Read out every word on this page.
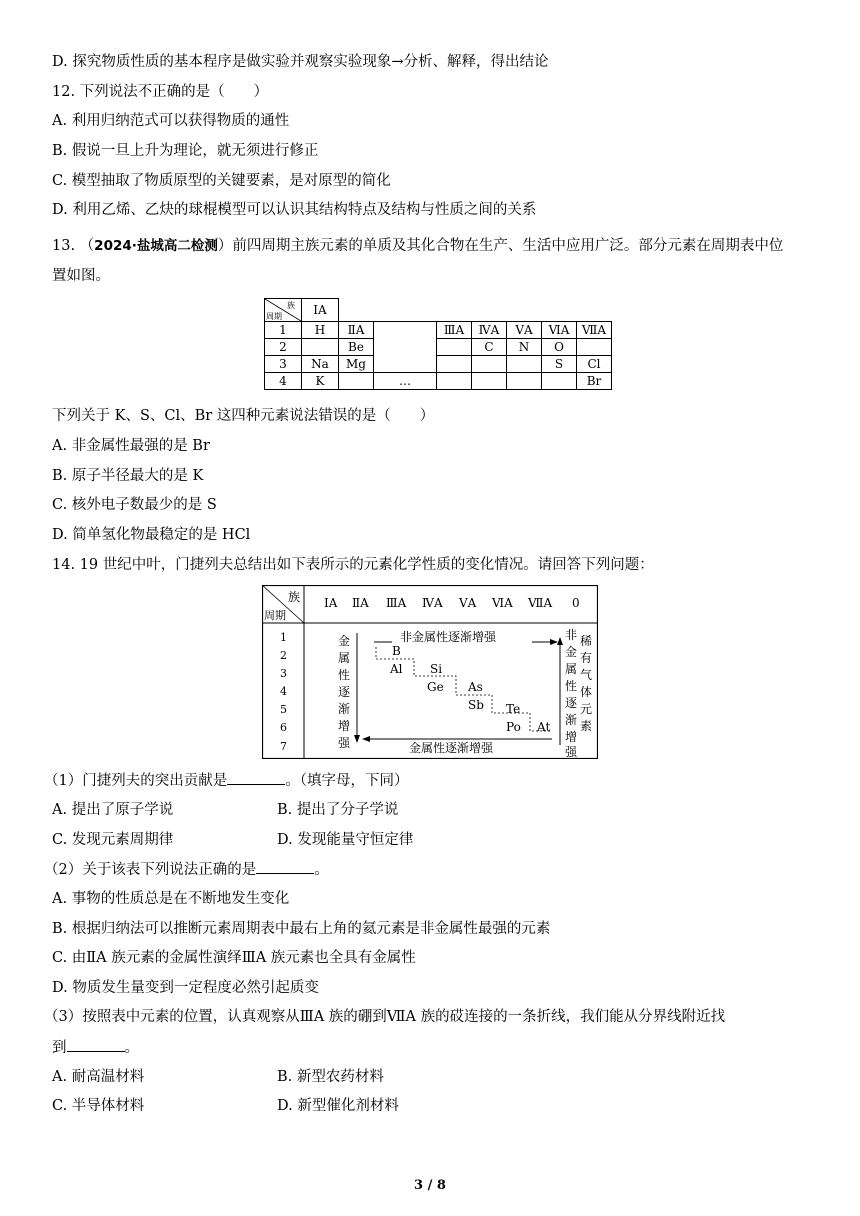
D. 探究物质性质的基本程序是做实验并观察实验现象→分析、解释，得出结论
12. 下列说法不正确的是（　　）
A. 利用归纳范式可以获得物质的通性
B. 假说一旦上升为理论，就无须进行修正
C. 模型抽取了物质原型的关键要素，是对原型的简化
D. 利用乙烯、乙炔的球棍模型可以认识其结构特点及结构与性质之间的关系
13. （2024·盐城高二检测）前四周期主族元素的单质及其化合物在生产、生活中应用广泛。部分元素在周期表中位
置如图。
族
周期	ⅠA							
1	H	ⅡA		ⅢA	ⅣA	ⅤA	ⅥA	ⅦA
2		Be			C	N	O	
3	Na	Mg					S	Cl
4	K		…					Br
下列关于 K、S、Cl、Br 这四种元素说法错误的是（　　）
A. 非金属性最强的是 Br
B. 原子半径最大的是 K
C. 核外电子数最少的是 S
D. 简单氢化物最稳定的是 HCl
14. 19 世纪中叶，门捷列夫总结出如下表所示的元素化学性质的变化情况。请回答下列问题：
族
周期
ⅠA ⅡA ⅢA ⅣA ⅤA ⅥA ⅦA 0
1
2
3
4
5
6
7
非金属性逐渐增强
金属性逐渐增强
金
属
性
逐
渐
增
强
非
金
属
性
逐
渐
增
强
稀
有
气
体
元
素
B
Al Si
Ge As
Sb Te
Po At
（1）门捷列夫的突出贡献是	。（填字母，下同）
A. 提出了原子学说	B. 提出了分子学说
C. 发现元素周期律	D. 发现能量守恒定律
（2）关于该表下列说法正确的是	。
A. 事物的性质总是在不断地发生变化
B. 根据归纳法可以推断元素周期表中最右上角的氦元素是非金属性最强的元素
C. 由ⅡA 族元素的金属性演绎ⅢA 族元素也全具有金属性
D. 物质发生量变到一定程度必然引起质变
（3）按照表中元素的位置，认真观察从ⅢA 族的硼到ⅦA 族的砹连接的一条折线，我们能从分界线附近找
到	。
A. 耐高温材料	B. 新型农药材料
C. 半导体材料	D. 新型催化剂材料
3 / 8
